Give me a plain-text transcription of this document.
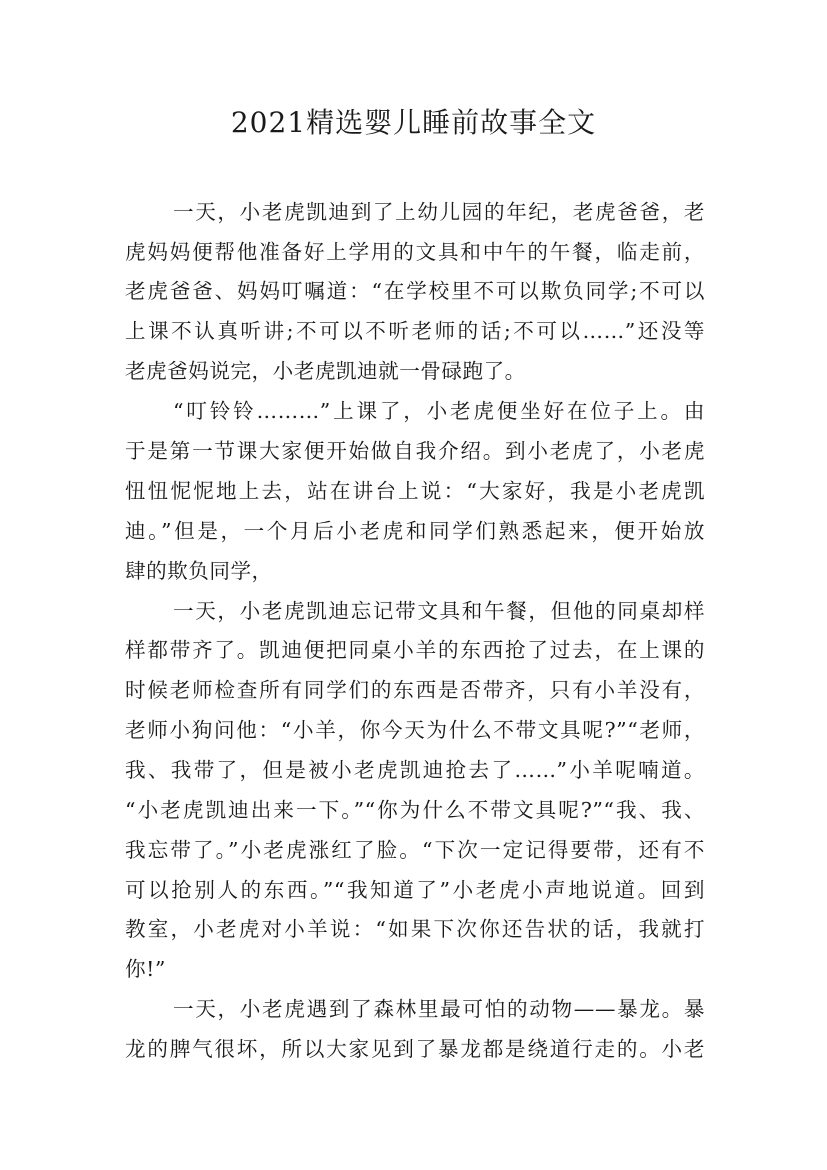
2021精选婴儿睡前故事全文
一天，小老虎凯迪到了上幼儿园的年纪，老虎爸爸，老
虎妈妈便帮他准备好上学用的文具和中午的午餐，临走前，
老虎爸爸、妈妈叮嘱道：“在学校里不可以欺负同学;不可以
上课不认真听讲;不可以不听老师的话;不可以……”还没等
老虎爸妈说完，小老虎凯迪就一骨碌跑了。
“叮铃铃………”上课了，小老虎便坐好在位子上。由
于是第一节课大家便开始做自我介绍。到小老虎了，小老虎
忸忸怩怩地上去，站在讲台上说：“大家好，我是小老虎凯
迪。”但是，一个月后小老虎和同学们熟悉起来，便开始放
肆的欺负同学，
一天，小老虎凯迪忘记带文具和午餐，但他的同桌却样
样都带齐了。凯迪便把同桌小羊的东西抢了过去，在上课的
时候老师检查所有同学们的东西是否带齐，只有小羊没有，
老师小狗问他：“小羊，你今天为什么不带文具呢?”“老师，
我、我带了，但是被小老虎凯迪抢去了……”小羊呢喃道。
“小老虎凯迪出来一下。”“你为什么不带文具呢?”“我、我、
我忘带了。”小老虎涨红了脸。“下次一定记得要带，还有不
可以抢别人的东西。”“我知道了”小老虎小声地说道。回到
教室，小老虎对小羊说：“如果下次你还告状的话，我就打
你!”
一天，小老虎遇到了森林里最可怕的动物——暴龙。暴
龙的脾气很坏，所以大家见到了暴龙都是绕道行走的。小老
